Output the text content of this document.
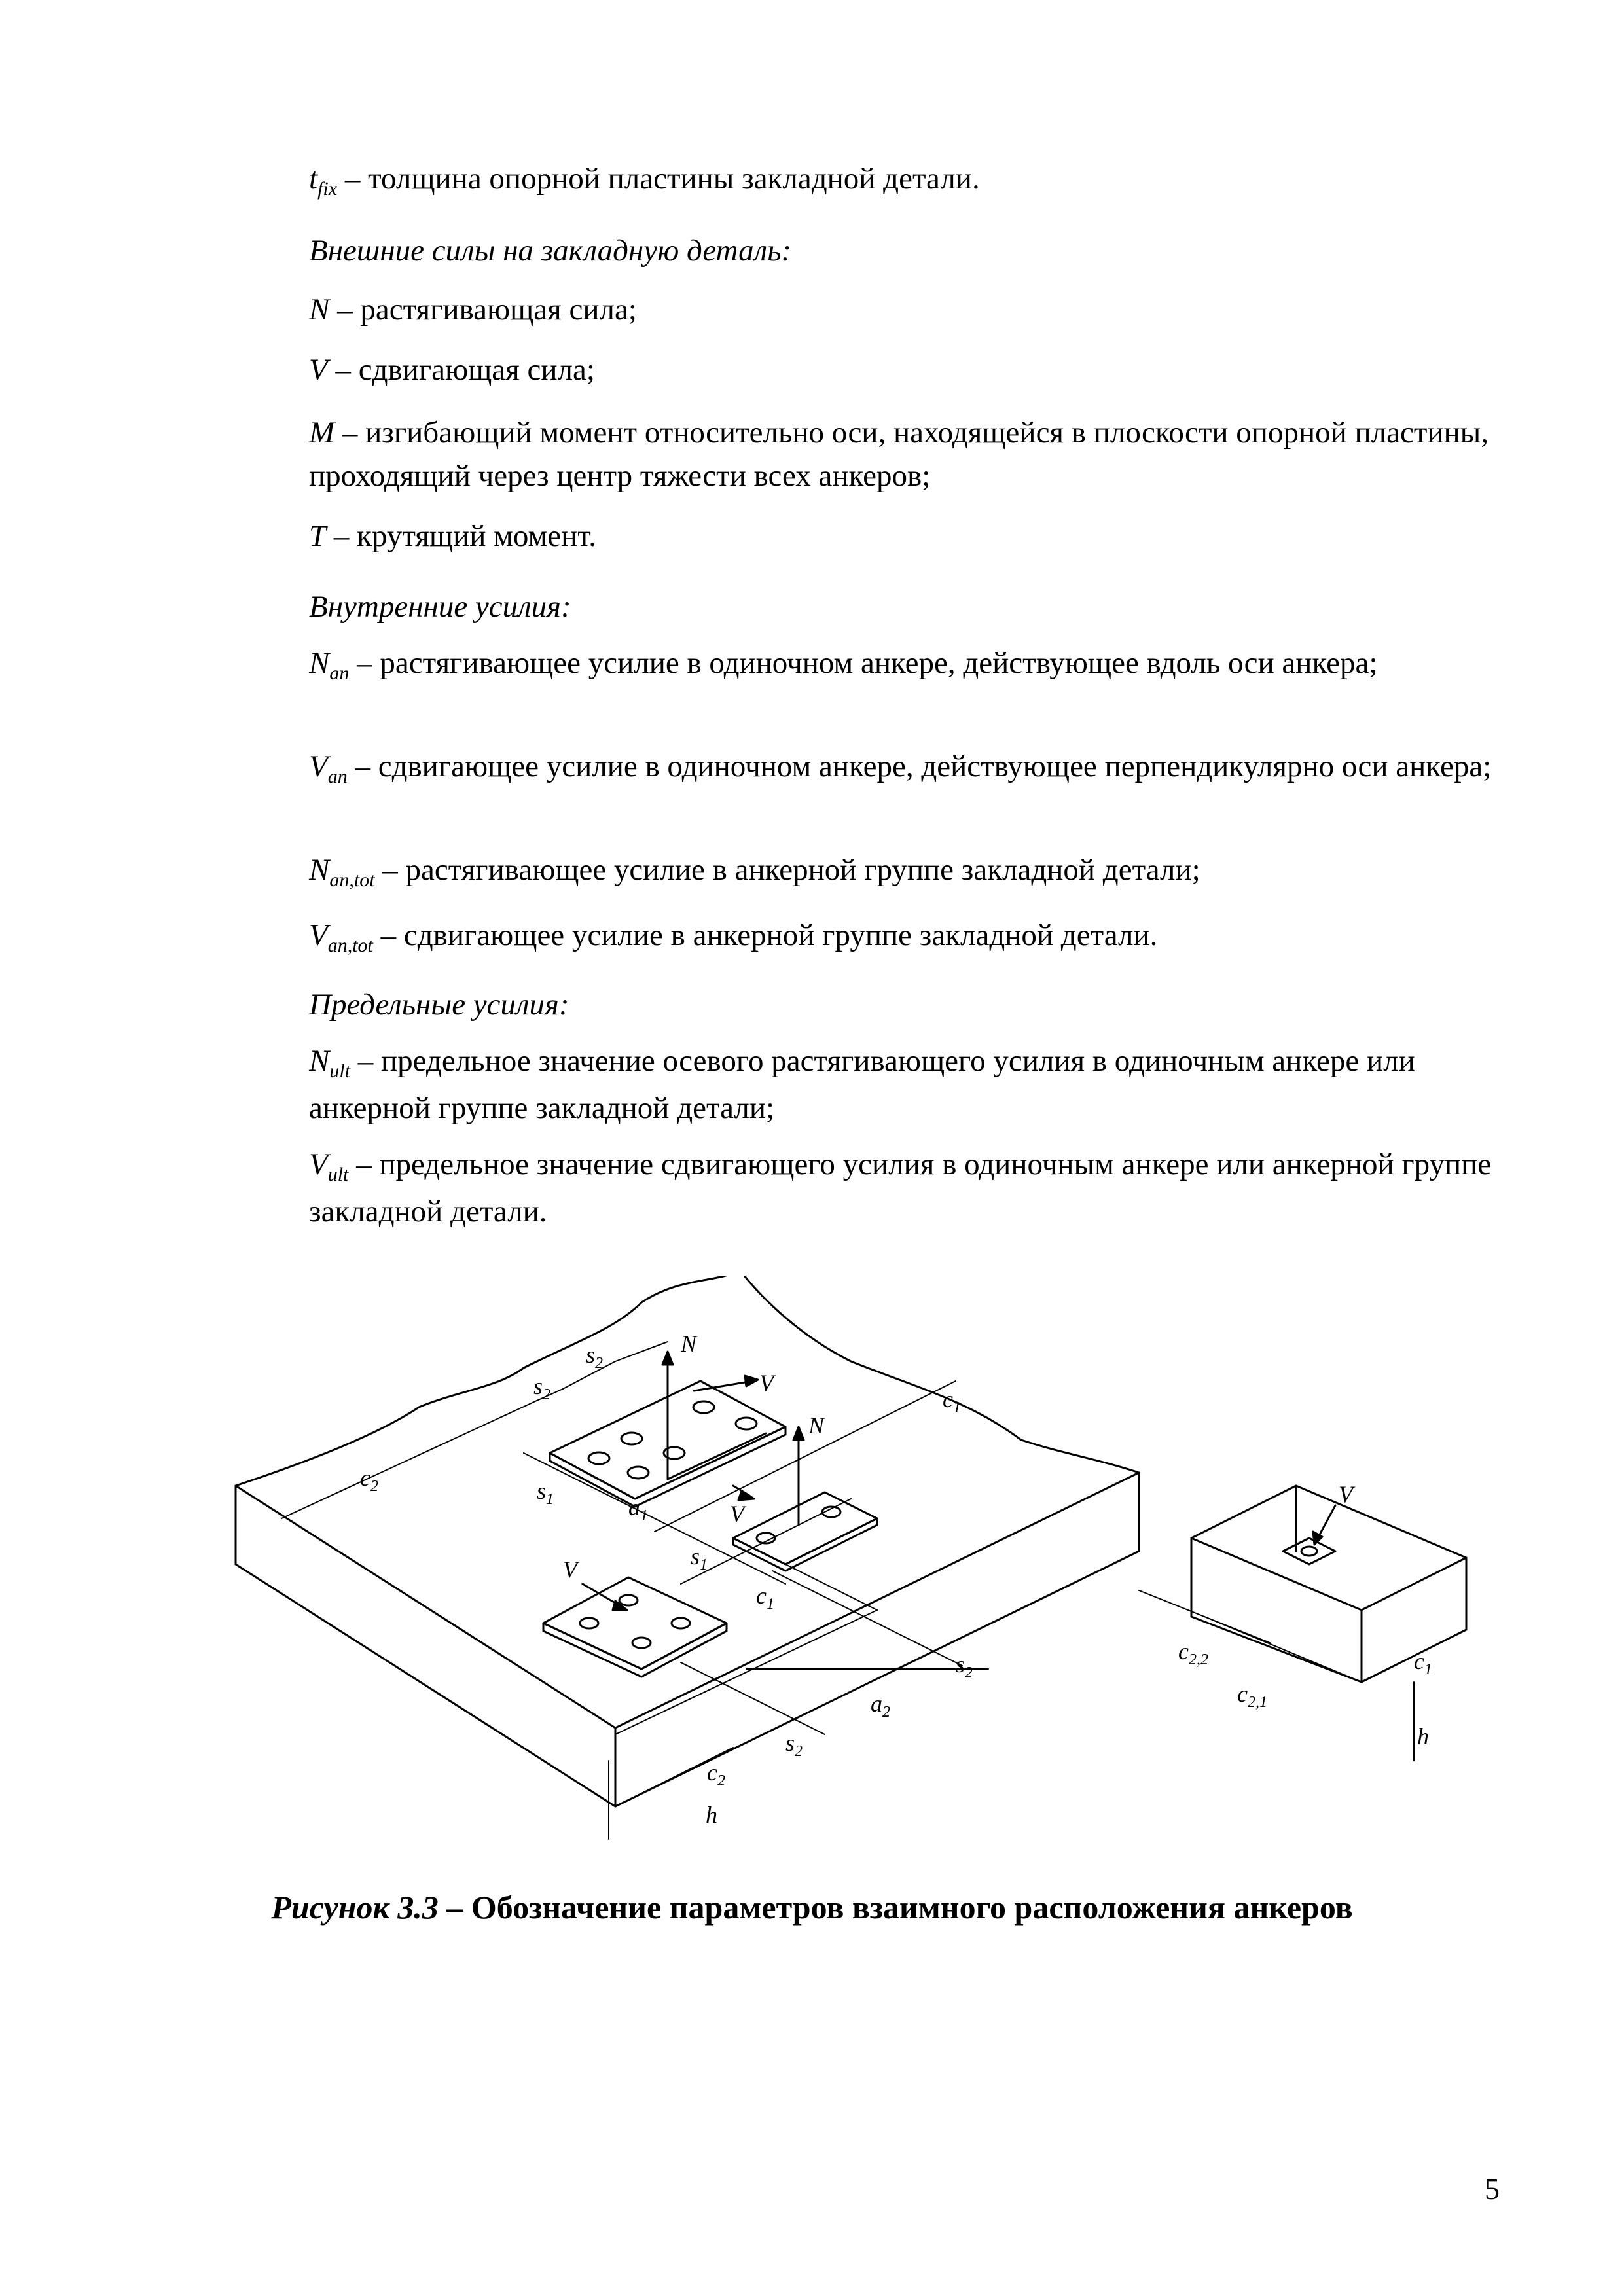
$t_{fix}$ – толщина опорной пластины закладной детали.

Внешние силы на закладную деталь:

N – растягивающая сила;

V – сдвигающая сила;

M – изгибающий момент относительно оси, находящейся в плоскости опорной пластины, проходящий через центр тяжести всех анкеров;

T – крутящий момент.

Внутренние усилия:

$N_{an}$ – растягивающее усилие в одиночном анкере, действующее вдоль оси анкера;

$V_{an}$ – сдвигающее усилие в одиночном анкере, действующее перпендикулярно оси анкера;

$N_{an,tot}$ – растягивающее усилие в анкерной группе закладной детали;

$V_{an,tot}$ – сдвигающее усилие в анкерной группе закладной детали.

Предельные усилия:

$N_{ult}$ – предельное значение осевого растягивающего усилия в одиночным анкере или анкерной группе закладной детали;

$V_{ult}$ – предельное значение сдвигающего усилия в одиночным анкере или анкерной группе закладной детали.

$c_2$
$s_2$
$s_2$
N
V
V
$s_1$	$a_1$
N
$c_1$
V	$s_1$
$c_1$
$s_2$
$a_2$
$s_2$
$c_2$
h
V
$c_{2,2}$
$c_{2,1}$
$c_1$
h

Рисунок 3.3 – Обозначение параметров взаимного расположения анкеров

5
